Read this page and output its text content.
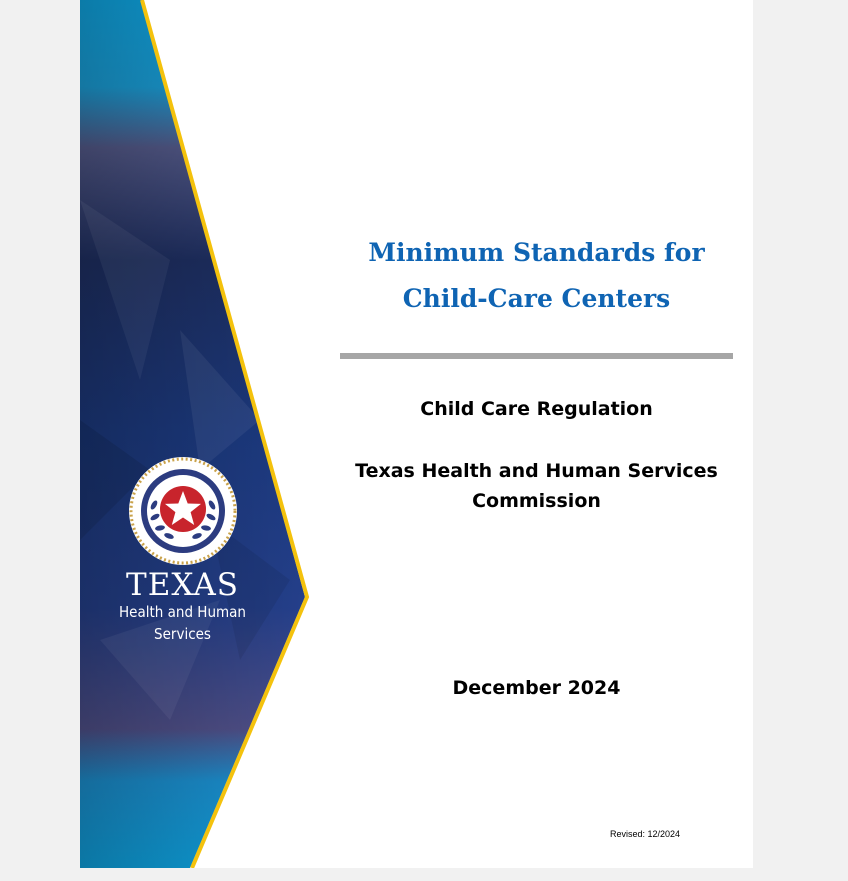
TEXAS
Health and Human
Services
Minimum Standards for
Child-Care Centers
Child Care Regulation
Texas Health and Human Services
Commission
December 2024
Revised: 12/2024
